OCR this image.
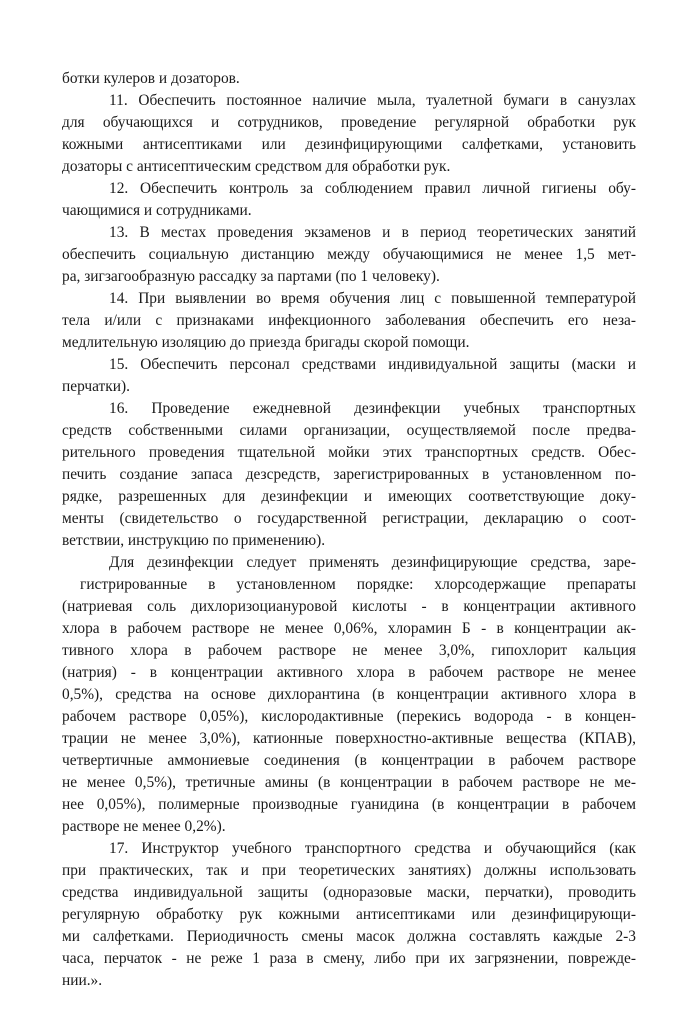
ботки кулеров и дозаторов.
11. Обеспечить постоянное наличие мыла, туалетной бумаги в санузлах
для обучающихся и сотрудников, проведение регулярной обработки рук
кожными антисептиками или дезинфицирующими салфетками, установить
дозаторы с антисептическим средством для обработки рук.
12. Обеспечить контроль за соблюдением правил личной гигиены обу-
чающимися и сотрудниками.
13. В местах проведения экзаменов и в период теоретических занятий
обеспечить социальную дистанцию между обучающимися не менее 1,5 мет-
ра, зигзагообразную рассадку за партами (по 1 человеку).
14. При выявлении во время обучения лиц с повышенной температурой
тела и/или с признаками инфекционного заболевания обеспечить его неза-
медлительную изоляцию до приезда бригады скорой помощи.
15. Обеспечить персонал средствами индивидуальной защиты (маски и
перчатки).
16. Проведение ежедневной дезинфекции учебных транспортных
средств собственными силами организации, осуществляемой после предва-
рительного проведения тщательной мойки этих транспортных средств. Обес-
печить создание запаса дезсредств, зарегистрированных в установленном по-
рядке, разрешенных для дезинфекции и имеющих соответствующие доку-
менты (свидетельство о государственной регистрации, декларацию о соот-
ветствии, инструкцию по применению).
Для дезинфекции следует применять дезинфицирующие средства, заре-
гистрированные в установленном порядке: хлорсодержащие препараты
(натриевая соль дихлоризоциануровой кислоты - в концентрации активного
хлора в рабочем растворе не менее 0,06%, хлорамин Б - в концентрации ак-
тивного хлора в рабочем растворе не менее 3,0%, гипохлорит кальция
(натрия) - в концентрации активного хлора в рабочем растворе не менее
0,5%), средства на основе дихлорантина (в концентрации активного хлора в
рабочем растворе 0,05%), кислородактивные (перекись водорода - в концен-
трации не менее 3,0%), катионные поверхностно-активные вещества (КПАВ),
четвертичные аммониевые соединения (в концентрации в рабочем растворе
не менее 0,5%), третичные амины (в концентрации в рабочем растворе не ме-
нее 0,05%), полимерные производные гуанидина (в концентрации в рабочем
растворе не менее 0,2%).
17. Инструктор учебного транспортного средства и обучающийся (как
при практических, так и при теоретических занятиях) должны использовать
средства индивидуальной защиты (одноразовые маски, перчатки), проводить
регулярную обработку рук кожными антисептиками или дезинфицирующи-
ми салфетками. Периодичность смены масок должна составлять каждые 2-3
часа, перчаток - не реже 1 раза в смену, либо при их загрязнении, поврежде-
нии.».
